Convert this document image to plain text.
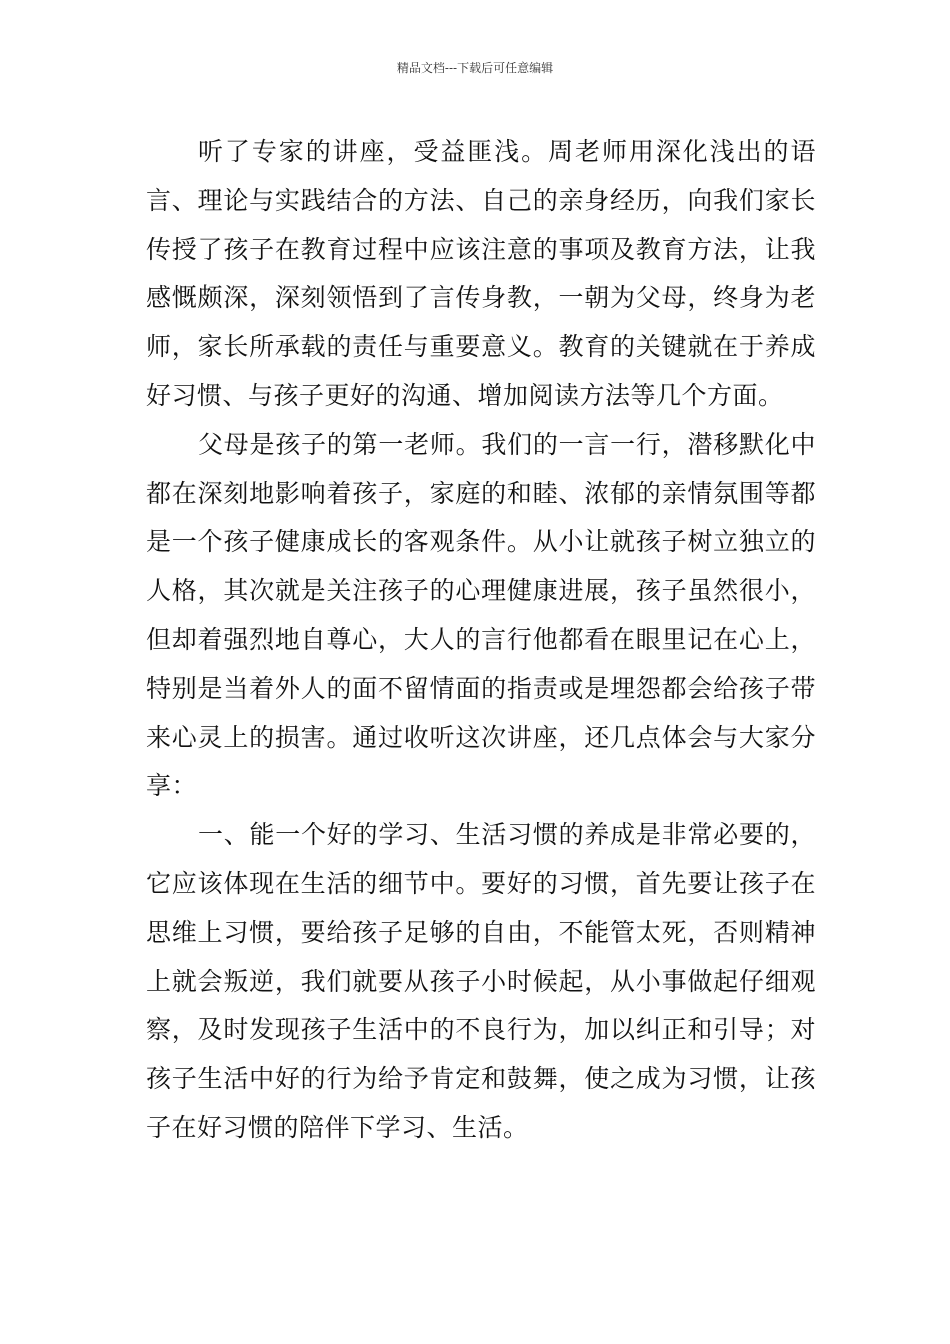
精品文档---下载后可任意编辑

听了专家的讲座，受益匪浅。周老师用深化浅出的语言、理论与实践结合的方法、自己的亲身经历，向我们家长传授了孩子在教育过程中应该注意的事项及教育方法，让我感慨颇深，深刻领悟到了言传身教，一朝为父母，终身为老师，家长所承载的责任与重要意义。教育的关键就在于养成好习惯、与孩子更好的沟通、增加阅读方法等几个方面。

父母是孩子的第一老师。我们的一言一行，潜移默化中都在深刻地影响着孩子，家庭的和睦、浓郁的亲情氛围等都是一个孩子健康成长的客观条件。从小让就孩子树立独立的人格，其次就是关注孩子的心理健康进展，孩子虽然很小，但却着强烈地自尊心，大人的言行他都看在眼里记在心上，特别是当着外人的面不留情面的指责或是埋怨都会给孩子带来心灵上的损害。通过收听这次讲座，还几点体会与大家分享：

一、能一个好的学习、生活习惯的养成是非常必要的，它应该体现在生活的细节中。要好的习惯，首先要让孩子在思维上习惯，要给孩子足够的自由，不能管太死，否则精神上就会叛逆，我们就要从孩子小时候起，从小事做起仔细观察，及时发现孩子生活中的不良行为，加以纠正和引导；对孩子生活中好的行为给予肯定和鼓舞，使之成为习惯，让孩子在好习惯的陪伴下学习、生活。
